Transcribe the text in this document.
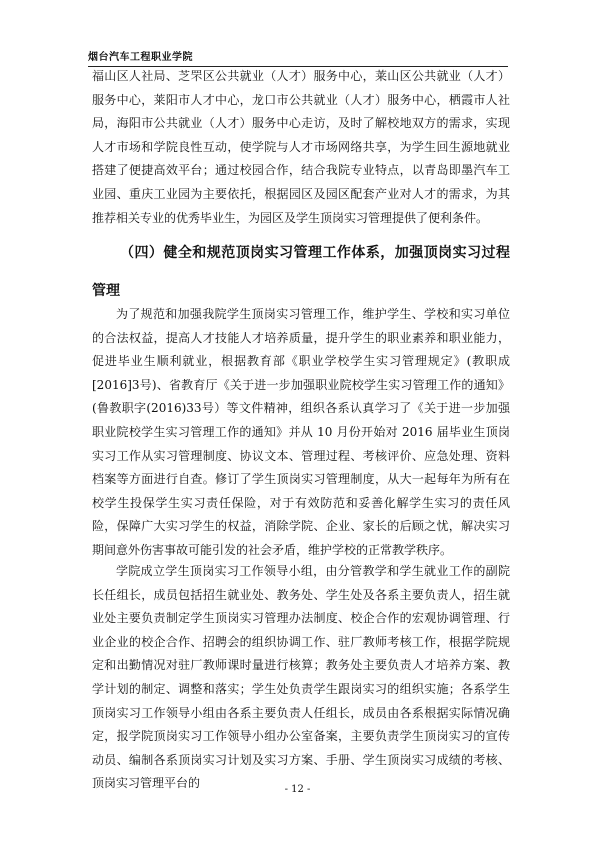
烟台汽车工程职业学院
福山区人社局、芝罘区公共就业（人才）服务中心，莱山区公共就业（人才）服务中心，莱阳市人才中心，龙口市公共就业（人才）服务中心，栖霞市人社局，海阳市公共就业（人才）服务中心走访，及时了解校地双方的需求，实现人才市场和学院良性互动，使学院与人才市场网络共享，为学生回生源地就业搭建了便捷高效平台；通过校园合作，结合我院专业特点，以青岛即墨汽车工业园、重庆工业园为主要依托，根据园区及园区配套产业对人才的需求，为其推荐相关专业的优秀毕业生，为园区及学生顶岗实习管理提供了便利条件。
（四）健全和规范顶岗实习管理工作体系，加强顶岗实习过程管理
为了规范和加强我院学生顶岗实习管理工作，维护学生、学校和实习单位的合法权益，提高人才技能人才培养质量，提升学生的职业素养和职业能力，促进毕业生顺利就业，根据教育部《职业学校学生实习管理规定》(教职成[2016]3号)、省教育厅《关于进一步加强职业院校学生实习管理工作的通知》(鲁教职字(2016)33号）等文件精神，组织各系认真学习了《关于进一步加强职业院校学生实习管理工作的通知》并从 10 月份开始对 2016 届毕业生顶岗实习工作从实习管理制度、协议文本、管理过程、考核评价、应急处理、资料档案等方面进行自查。修订了学生顶岗实习管理制度，从大一起每年为所有在校学生投保学生实习责任保险，对于有效防范和妥善化解学生实习的责任风险，保障广大实习学生的权益，消除学院、企业、家长的后顾之忧，解决实习期间意外伤害事故可能引发的社会矛盾，维护学校的正常教学秩序。
学院成立学生顶岗实习工作领导小组，由分管教学和学生就业工作的副院长任组长，成员包括招生就业处、教务处、学生处及各系主要负责人，招生就业处主要负责制定学生顶岗实习管理办法制度、校企合作的宏观协调管理、行业企业的校企合作、招聘会的组织协调工作、驻厂教师考核工作，根据学院规定和出勤情况对驻厂教师课时量进行核算；教务处主要负责人才培养方案、教学计划的制定、调整和落实；学生处负责学生跟岗实习的组织实施；各系学生顶岗实习工作领导小组由各系主要负责人任组长，成员由各系根据实际情况确定，报学院顶岗实习工作领导小组办公室备案，主要负责学生顶岗实习的宣传动员、编制各系顶岗实习计划及实习方案、手册、学生顶岗实习成绩的考核、顶岗实习管理平台的	- 12 -
